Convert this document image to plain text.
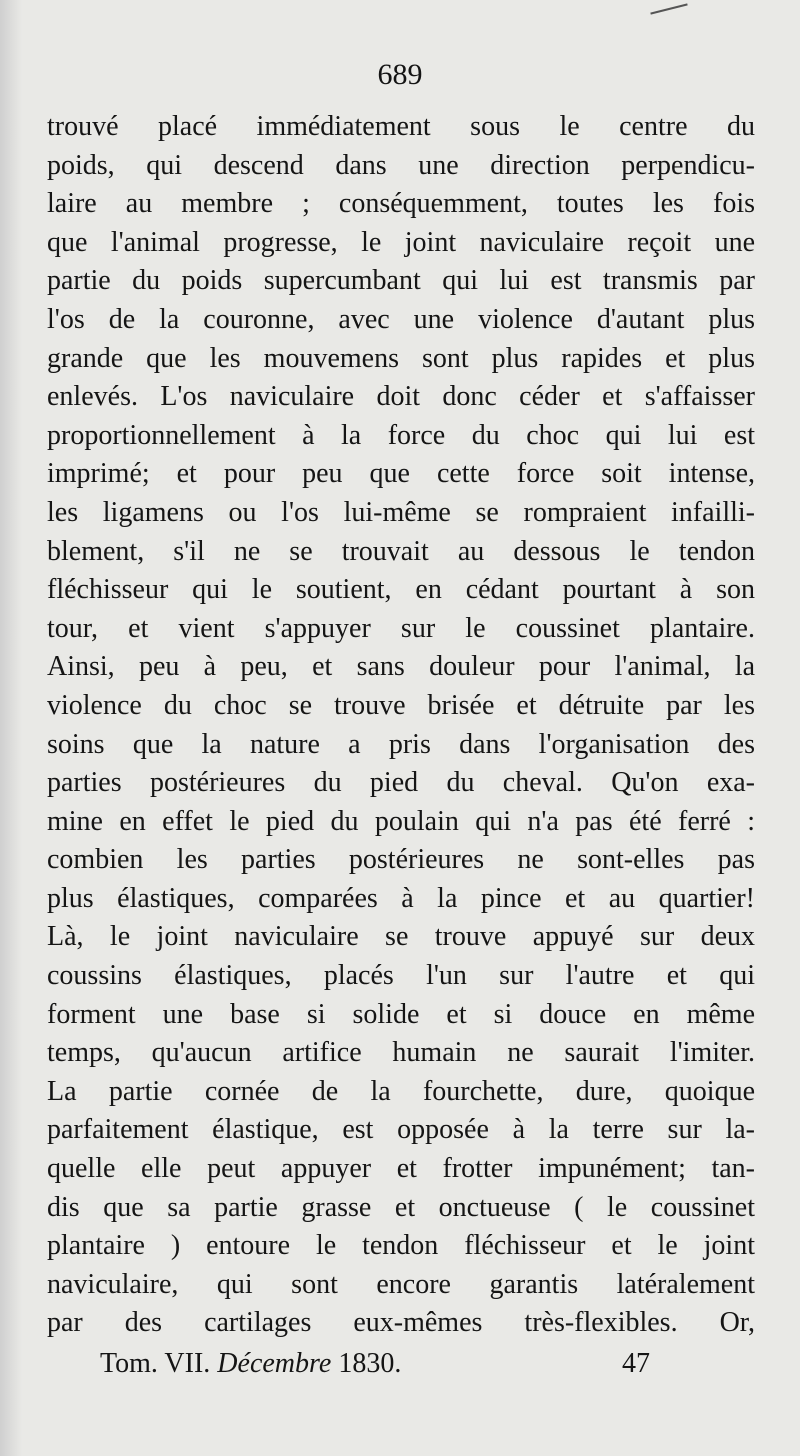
689
trouvé placé immédiatement sous le centre du
poids, qui descend dans une direction perpendicu-
laire au membre ; conséquemment, toutes les fois
que l'animal progresse, le joint naviculaire reçoit une
partie du poids supercumbant qui lui est transmis par
l'os de la couronne, avec une violence d'autant plus
grande que les mouvemens sont plus rapides et plus
enlevés. L'os naviculaire doit donc céder et s'affaisser
proportionnellement à la force du choc qui lui est
imprimé; et pour peu que cette force soit intense,
les ligamens ou l'os lui-même se rompraient infailli-
blement, s'il ne se trouvait au dessous le tendon
fléchisseur qui le soutient, en cédant pourtant à son
tour, et vient s'appuyer sur le coussinet plantaire.
Ainsi, peu à peu, et sans douleur pour l'animal, la
violence du choc se trouve brisée et détruite par les
soins que la nature a pris dans l'organisation des
parties postérieures du pied du cheval. Qu'on exa-
mine en effet le pied du poulain qui n'a pas été ferré :
combien les parties postérieures ne sont-elles pas
plus élastiques, comparées à la pince et au quartier!
Là, le joint naviculaire se trouve appuyé sur deux
coussins élastiques, placés l'un sur l'autre et qui
forment une base si solide et si douce en même
temps, qu'aucun artifice humain ne saurait l'imiter.
La partie cornée de la fourchette, dure, quoique
parfaitement élastique, est opposée à la terre sur la-
quelle elle peut appuyer et frotter impunément; tan-
dis que sa partie grasse et onctueuse ( le coussinet
plantaire ) entoure le tendon fléchisseur et le joint
naviculaire, qui sont encore garantis latéralement
par des cartilages eux-mêmes très-flexibles. Or,
Tom. VII. Décembre 1830.	47
